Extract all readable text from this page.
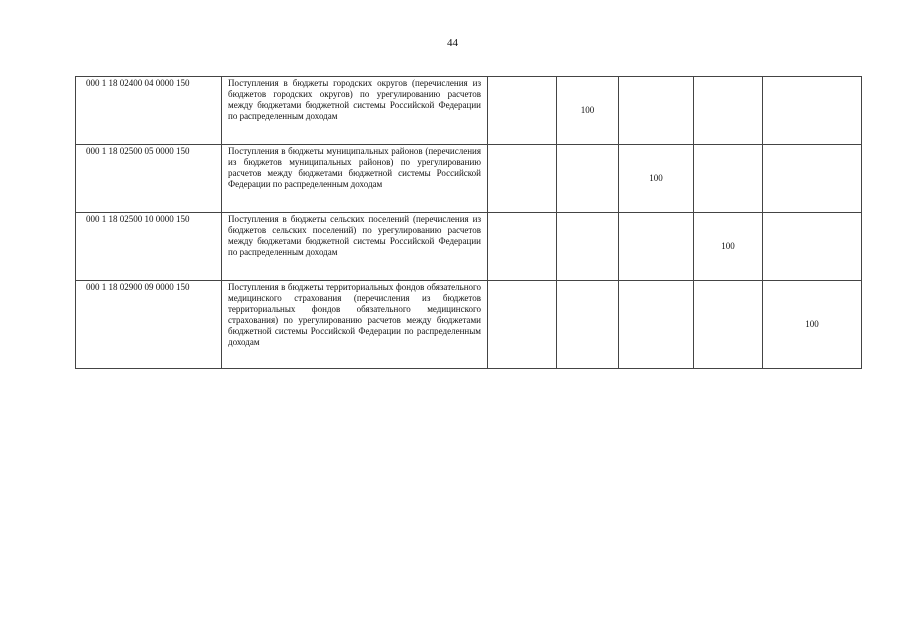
44
000 1 18 02400 04 0000 150	Поступления в бюджеты городских округов (перечисления из бюджетов городских округов) по урегулированию расчетов между бюджетами бюджетной системы Российской Федерации по распределенным доходам		100			
000 1 18 02500 05 0000 150	Поступления в бюджеты муниципальных районов (перечисления из бюджетов муниципальных районов) по урегулированию расчетов между бюджетами бюджетной системы Российской Федерации по распределенным доходам			100		
000 1 18 02500 10 0000 150	Поступления в бюджеты сельских поселений (перечисления из бюджетов сельских поселений) по урегулированию расчетов между бюджетами бюджетной системы Российской Федерации по распределенным доходам				100	
000 1 18 02900 09 0000 150	Поступления в бюджеты территориальных фондов обязательного медицинского страхования (перечисления из бюджетов территориальных фондов обязательного медицинского страхования) по урегулированию расчетов между бюджетами бюджетной системы Российской Федерации по распределенным доходам					100
